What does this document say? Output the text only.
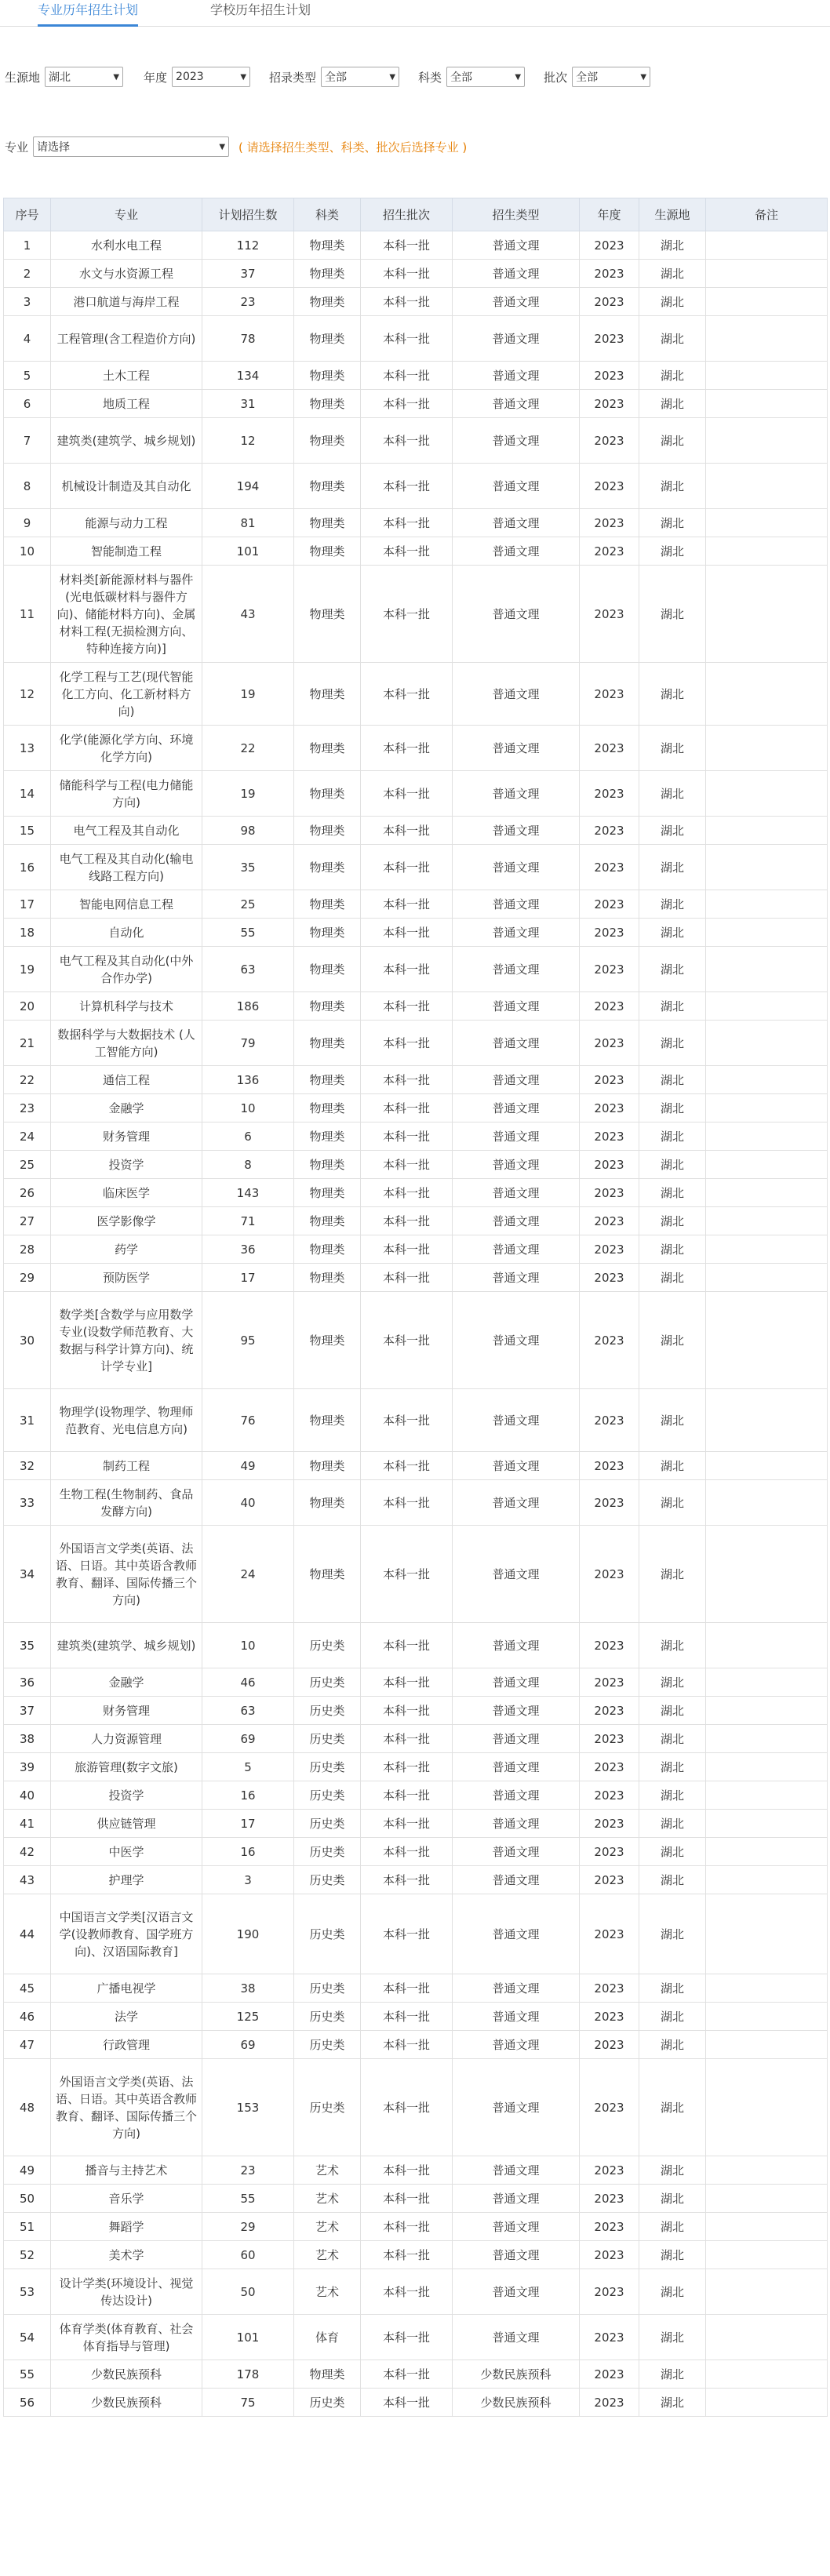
专业历年招生计划	学校历年招生计划
生源地 湖北	▼ 年度 2023	▼ 招录类型 全部	▼ 科类 全部	▼ 批次 全部	▼
专业 请选择	▼ ( 请选择招生类型、科类、批次后选择专业 )
序号	专业	计划招生数	科类	招生批次	招生类型	年度	生源地	备注
1	水利水电工程	112	物理类	本科一批	普通文理	2023	湖北	
2	水文与水资源工程	37	物理类	本科一批	普通文理	2023	湖北	
3	港口航道与海岸工程	23	物理类	本科一批	普通文理	2023	湖北	
4	工程管理(含工程造价方向)	78	物理类	本科一批	普通文理	2023	湖北	
5	土木工程	134	物理类	本科一批	普通文理	2023	湖北	
6	地质工程	31	物理类	本科一批	普通文理	2023	湖北	
7	建筑类(建筑学、城乡规划)	12	物理类	本科一批	普通文理	2023	湖北	
8	机械设计制造及其自动化	194	物理类	本科一批	普通文理	2023	湖北	
9	能源与动力工程	81	物理类	本科一批	普通文理	2023	湖北	
10	智能制造工程	101	物理类	本科一批	普通文理	2023	湖北	
11	材料类[新能源材料与器件(光电低碳材料与器件方向)、储能材料方向)、金属材料工程(无损检测方向、特种连接方向)]	43	物理类	本科一批	普通文理	2023	湖北	
12	化学工程与工艺(现代智能化工方向、化工新材料方向)	19	物理类	本科一批	普通文理	2023	湖北	
13	化学(能源化学方向、环境化学方向)	22	物理类	本科一批	普通文理	2023	湖北	
14	储能科学与工程(电力储能方向)	19	物理类	本科一批	普通文理	2023	湖北	
15	电气工程及其自动化	98	物理类	本科一批	普通文理	2023	湖北	
16	电气工程及其自动化(输电线路工程方向)	35	物理类	本科一批	普通文理	2023	湖北	
17	智能电网信息工程	25	物理类	本科一批	普通文理	2023	湖北	
18	自动化	55	物理类	本科一批	普通文理	2023	湖北	
19	电气工程及其自动化(中外合作办学)	63	物理类	本科一批	普通文理	2023	湖北	
20	计算机科学与技术	186	物理类	本科一批	普通文理	2023	湖北	
21	数据科学与大数据技术 (人工智能方向)	79	物理类	本科一批	普通文理	2023	湖北	
22	通信工程	136	物理类	本科一批	普通文理	2023	湖北	
23	金融学	10	物理类	本科一批	普通文理	2023	湖北	
24	财务管理	6	物理类	本科一批	普通文理	2023	湖北	
25	投资学	8	物理类	本科一批	普通文理	2023	湖北	
26	临床医学	143	物理类	本科一批	普通文理	2023	湖北	
27	医学影像学	71	物理类	本科一批	普通文理	2023	湖北	
28	药学	36	物理类	本科一批	普通文理	2023	湖北	
29	预防医学	17	物理类	本科一批	普通文理	2023	湖北	
30	数学类[含数学与应用数学专业(设数学师范教育、大数据与科学计算方向)、统计学专业]	95	物理类	本科一批	普通文理	2023	湖北	
31	物理学(设物理学、物理师范教育、光电信息方向)	76	物理类	本科一批	普通文理	2023	湖北	
32	制药工程	49	物理类	本科一批	普通文理	2023	湖北	
33	生物工程(生物制药、食品发酵方向)	40	物理类	本科一批	普通文理	2023	湖北	
34	外国语言文学类(英语、法语、日语。其中英语含教师教育、翻译、国际传播三个方向)	24	物理类	本科一批	普通文理	2023	湖北	
35	建筑类(建筑学、城乡规划)	10	历史类	本科一批	普通文理	2023	湖北	
36	金融学	46	历史类	本科一批	普通文理	2023	湖北	
37	财务管理	63	历史类	本科一批	普通文理	2023	湖北	
38	人力资源管理	69	历史类	本科一批	普通文理	2023	湖北	
39	旅游管理(数字文旅)	5	历史类	本科一批	普通文理	2023	湖北	
40	投资学	16	历史类	本科一批	普通文理	2023	湖北	
41	供应链管理	17	历史类	本科一批	普通文理	2023	湖北	
42	中医学	16	历史类	本科一批	普通文理	2023	湖北	
43	护理学	3	历史类	本科一批	普通文理	2023	湖北	
44	中国语言文学类[汉语言文学(设教师教育、国学班方向)、汉语国际教育]	190	历史类	本科一批	普通文理	2023	湖北	
45	广播电视学	38	历史类	本科一批	普通文理	2023	湖北	
46	法学	125	历史类	本科一批	普通文理	2023	湖北	
47	行政管理	69	历史类	本科一批	普通文理	2023	湖北	
48	外国语言文学类(英语、法语、日语。其中英语含教师教育、翻译、国际传播三个方向)	153	历史类	本科一批	普通文理	2023	湖北	
49	播音与主持艺术	23	艺术	本科一批	普通文理	2023	湖北	
50	音乐学	55	艺术	本科一批	普通文理	2023	湖北	
51	舞蹈学	29	艺术	本科一批	普通文理	2023	湖北	
52	美术学	60	艺术	本科一批	普通文理	2023	湖北	
53	设计学类(环境设计、视觉传达设计)	50	艺术	本科一批	普通文理	2023	湖北	
54	体育学类(体育教育、社会体育指导与管理)	101	体育	本科一批	普通文理	2023	湖北	
55	少数民族预科	178	物理类	本科一批	少数民族预科	2023	湖北	
56	少数民族预科	75	历史类	本科一批	少数民族预科	2023	湖北	
